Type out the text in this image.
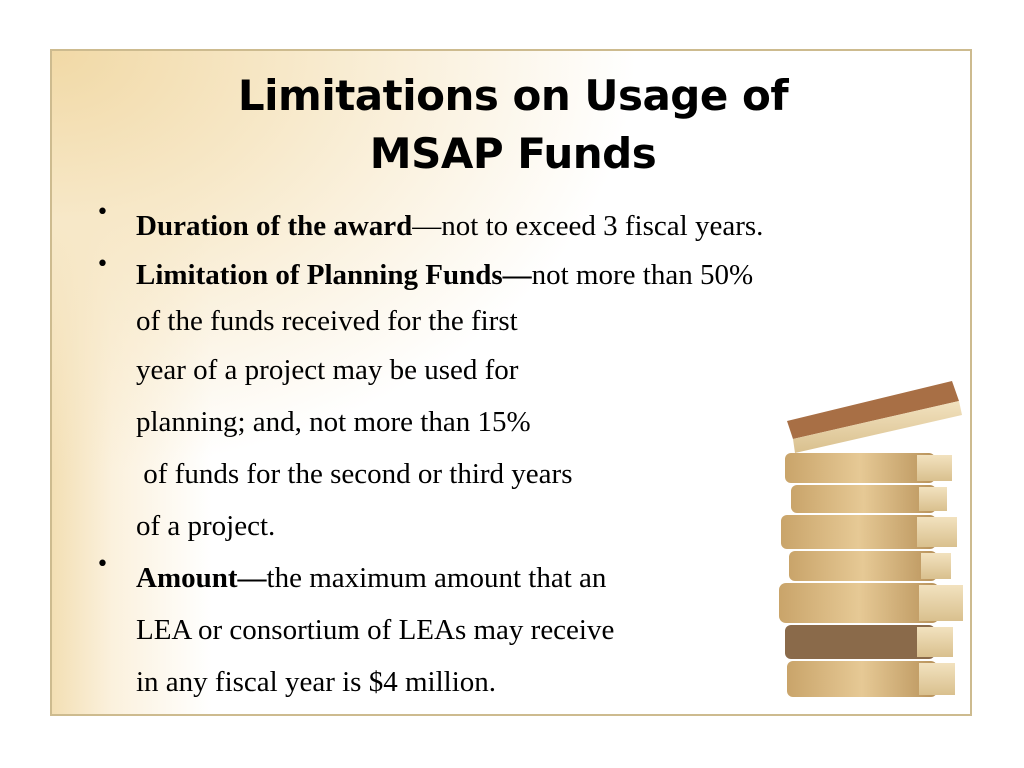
Limitations on Usage of
MSAP Funds
• Duration of the award—not to exceed 3 fiscal years.
• Limitation of Planning Funds—not more than 50%
of the funds received for the first
year of a project may be used for
planning; and, not more than 15%
of funds for the second or third years
of a project.
• Amount—the maximum amount that an
LEA or consortium of LEAs may receive
in any fiscal year is $4 million.
